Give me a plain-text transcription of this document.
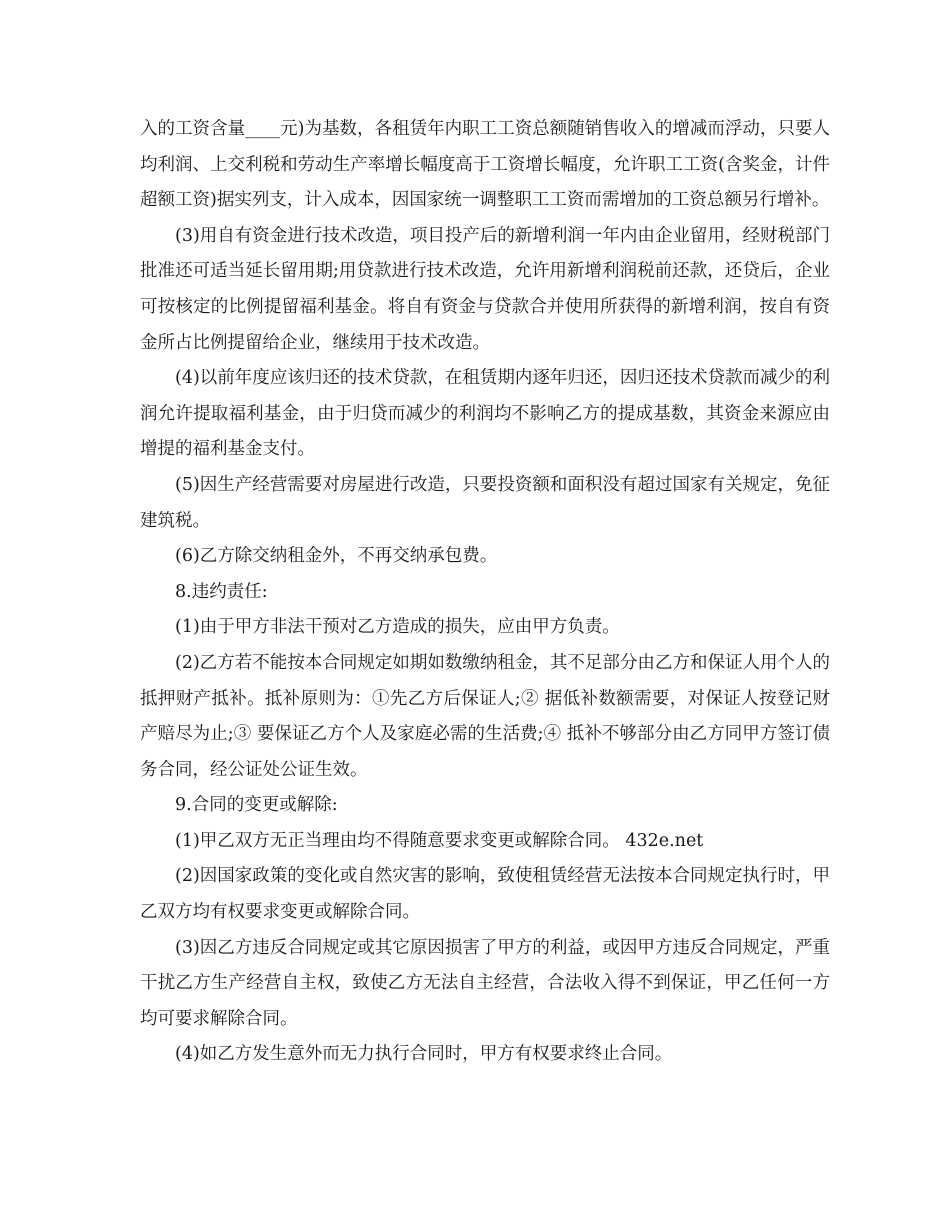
入的工资含量____元)为基数，各租赁年内职工工资总额随销售收入的增减而浮动，只要人均利润、上交利税和劳动生产率增长幅度高于工资增长幅度，允许职工工资(含奖金，计件超额工资)据实列支，计入成本，因国家统一调整职工工资而需增加的工资总额另行增补。

(3)用自有资金进行技术改造，项目投产后的新增利润一年内由企业留用，经财税部门批准还可适当延长留用期;用贷款进行技术改造，允许用新增利润税前还款，还贷后，企业可按核定的比例提留福利基金。将自有资金与贷款合并使用所获得的新增利润，按自有资金所占比例提留给企业，继续用于技术改造。

(4)以前年度应该归还的技术贷款，在租赁期内逐年归还，因归还技术贷款而减少的利润允许提取福利基金，由于归贷而减少的利润均不影响乙方的提成基数，其资金来源应由增提的福利基金支付。

(5)因生产经营需要对房屋进行改造，只要投资额和面积没有超过国家有关规定，免征建筑税。

(6)乙方除交纳租金外，不再交纳承包费。

8.违约责任:

(1)由于甲方非法干预对乙方造成的损失，应由甲方负责。

(2)乙方若不能按本合同规定如期如数缴纳租金，其不足部分由乙方和保证人用个人的抵押财产抵补。抵补原则为：①先乙方后保证人;② 据低补数额需要，对保证人按登记财产赔尽为止;③ 要保证乙方个人及家庭必需的生活费;④ 抵补不够部分由乙方同甲方签订债务合同，经公证处公证生效。

9.合同的变更或解除:

(1)甲乙双方无正当理由均不得随意要求变更或解除合同。 432e.net

(2)因国家政策的变化或自然灾害的影响，致使租赁经营无法按本合同规定执行时，甲乙双方均有权要求变更或解除合同。

(3)因乙方违反合同规定或其它原因损害了甲方的利益，或因甲方违反合同规定，严重干扰乙方生产经营自主权，致使乙方无法自主经营，合法收入得不到保证，甲乙任何一方均可要求解除合同。

(4)如乙方发生意外而无力执行合同时，甲方有权要求终止合同。
